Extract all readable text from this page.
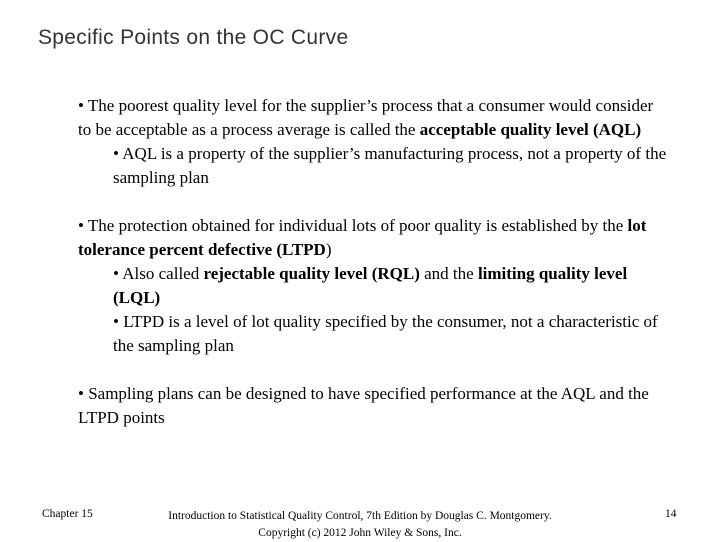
Specific Points on the OC Curve

• The poorest quality level for the supplier’s process that a consumer would consider to be acceptable as a process average is called the acceptable quality level (AQL)

• AQL is a property of the supplier’s manufacturing process, not a property of the sampling plan

• The protection obtained for individual lots of poor quality is established by the lot tolerance percent defective (LTPD)

• Also called rejectable quality level (RQL) and the limiting quality level (LQL)

• LTPD is a level of lot quality specified by the consumer, not a characteristic of the sampling plan

• Sampling plans can be designed to have specified performance at the AQL and the LTPD points

Chapter 15	Introduction to Statistical Quality Control, 7th Edition by Douglas C. Montgomery.
Copyright (c) 2012 John Wiley & Sons, Inc.
14
